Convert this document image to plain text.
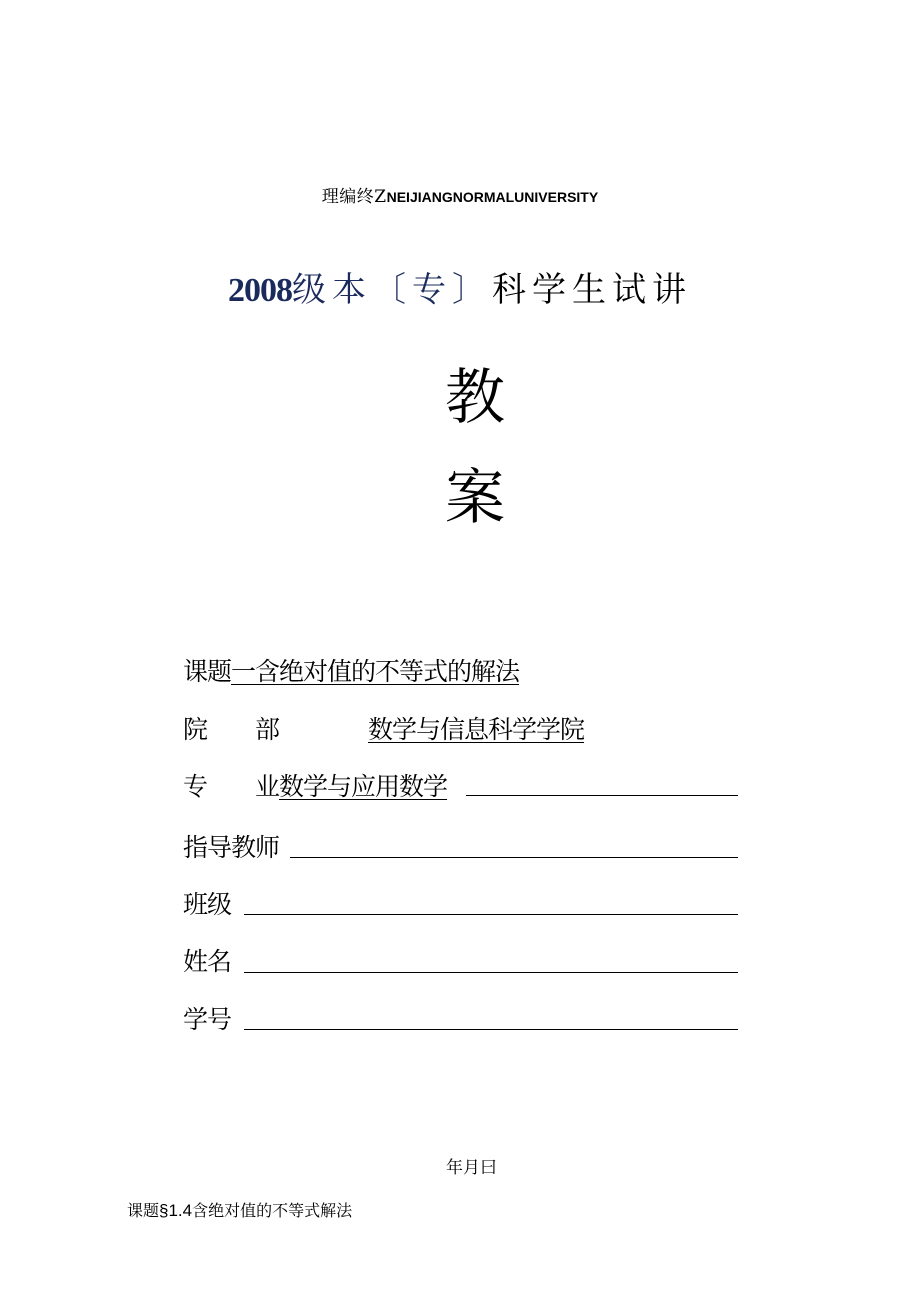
理编终ZNEIJIANGNORMALUNIVERSITY
2008级本〔专〕科学生试讲
教
案
课题一含绝对值的不等式的解法
院 部	数学与信息科学学院
专 业数学与应用数学
指导教师
班级
姓名
学号
年月曰
课题§1.4含绝对值的不等式解法
